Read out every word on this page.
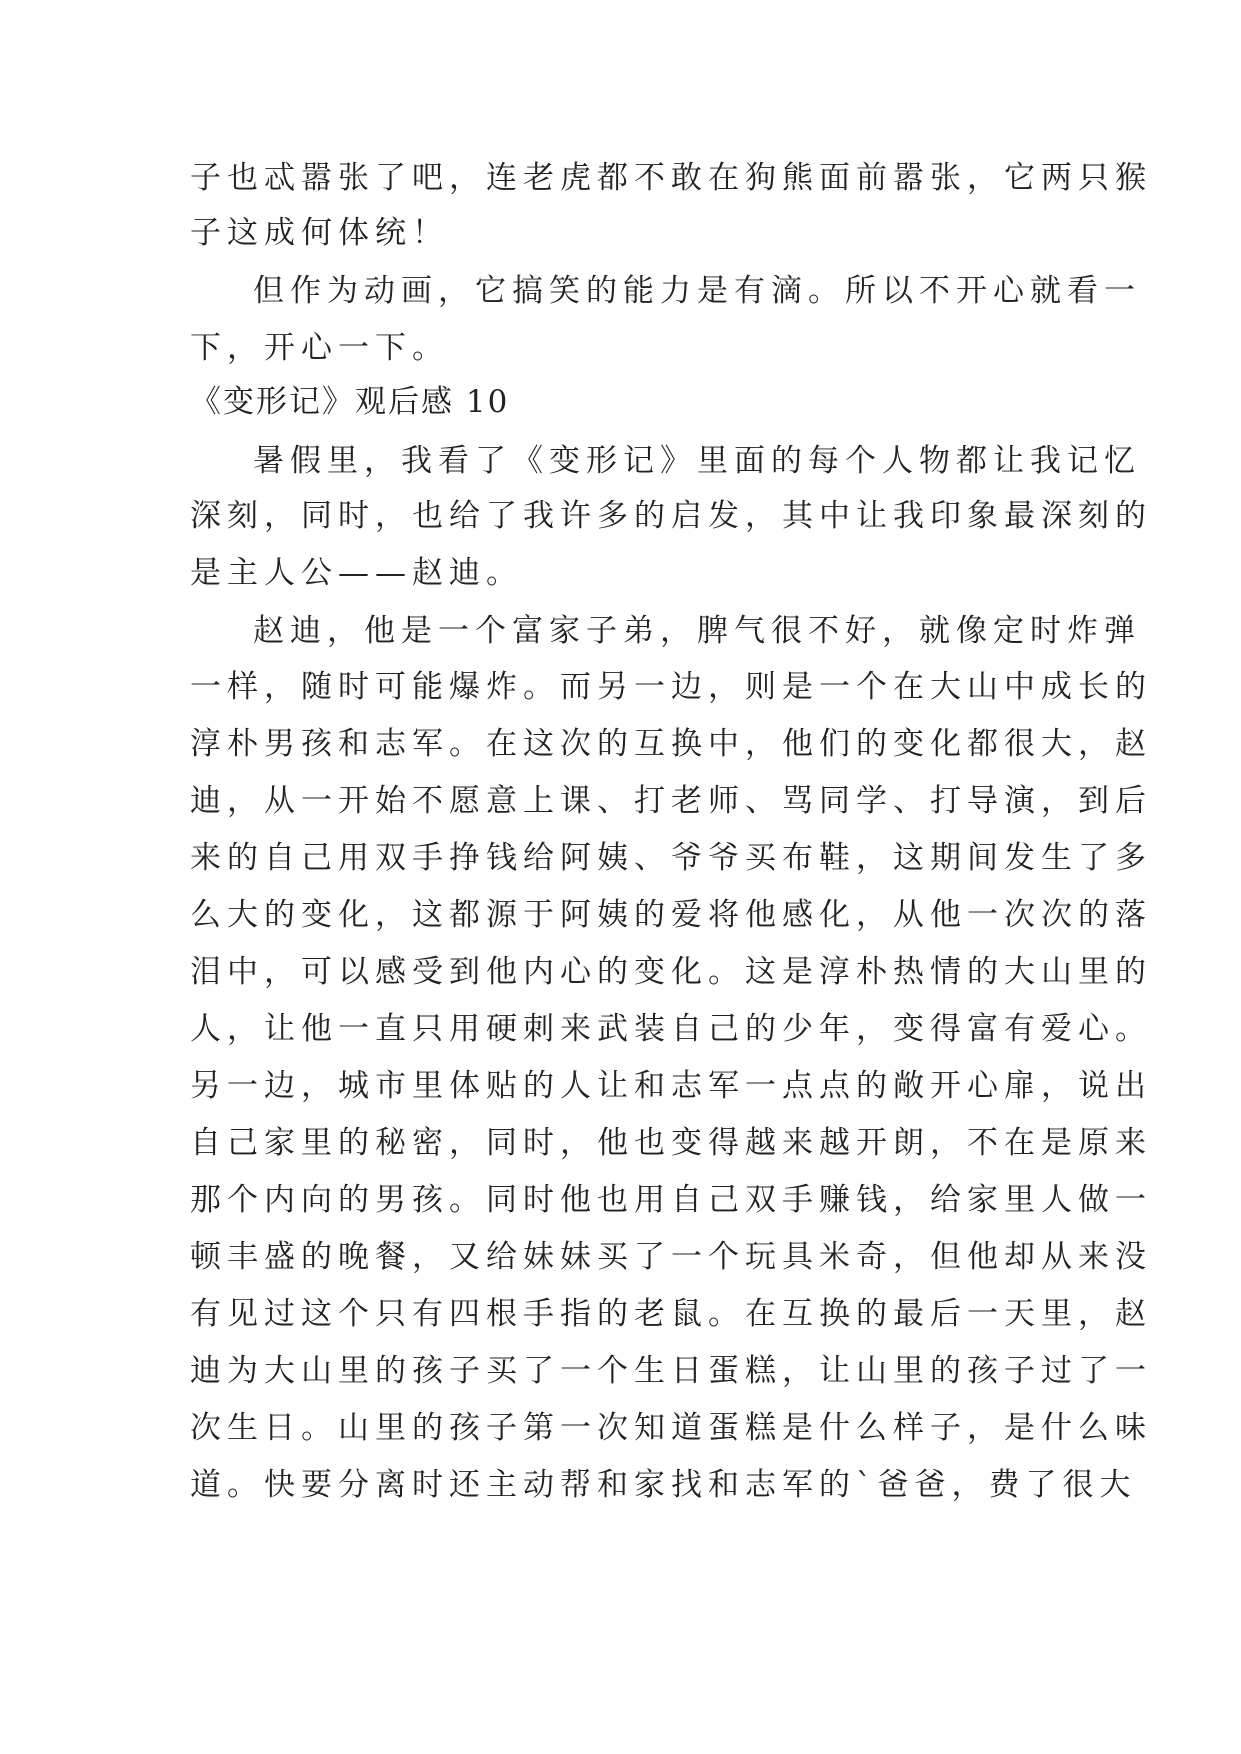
子也忒嚣张了吧，连老虎都不敢在狗熊面前嚣张，它两只猴
子这成何体统！
但作为动画，它搞笑的能力是有滴。所以不开心就看一
下，开心一下。
《变形记》观后感 10
暑假里，我看了《变形记》里面的每个人物都让我记忆
深刻，同时，也给了我许多的启发，其中让我印象最深刻的
是主人公——赵迪。
赵迪，他是一个富家子弟，脾气很不好，就像定时炸弹
一样，随时可能爆炸。而另一边，则是一个在大山中成长的
淳朴男孩和志军。在这次的互换中，他们的变化都很大，赵
迪，从一开始不愿意上课、打老师、骂同学、打导演，到后
来的自己用双手挣钱给阿姨、爷爷买布鞋，这期间发生了多
么大的变化，这都源于阿姨的爱将他感化，从他一次次的落
泪中，可以感受到他内心的变化。这是淳朴热情的大山里的
人，让他一直只用硬刺来武装自己的少年，变得富有爱心。
另一边，城市里体贴的人让和志军一点点的敞开心扉，说出
自己家里的秘密，同时，他也变得越来越开朗，不在是原来
那个内向的男孩。同时他也用自己双手赚钱，给家里人做一
顿丰盛的晚餐，又给妹妹买了一个玩具米奇，但他却从来没
有见过这个只有四根手指的老鼠。在互换的最后一天里，赵
迪为大山里的孩子买了一个生日蛋糕，让山里的孩子过了一
次生日。山里的孩子第一次知道蛋糕是什么样子，是什么味
道。快要分离时还主动帮和家找和志军的`爸爸，费了很大
